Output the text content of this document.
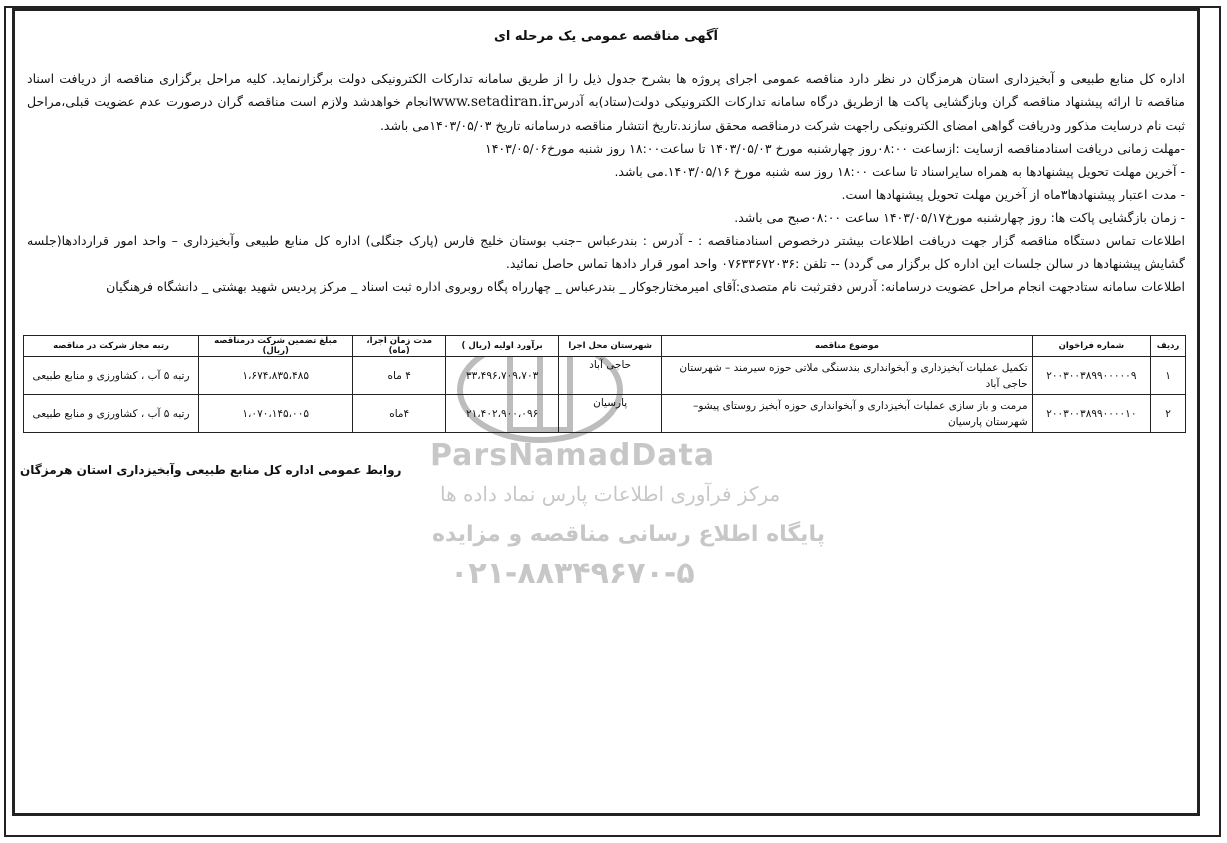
آگهی مناقصه عمومی یک مرحله ای

اداره کل منابع طبیعی و آبخیزداری استان هرمزگان در نظر دارد مناقصه عمومی اجرای پروژه ها بشرح جدول ذیل را از طریق سامانه تدارکات الکترونیکی دولت برگزارنماید. کلیه مراحل برگزاری مناقصه از دریافت اسناد مناقصه تا ارائه پیشنهاد مناقصه گران وبازگشایی پاکت ها ازطریق درگاه سامانه تدارکات الکترونیکی دولت(ستاد)به آدرسwww.setadiran.irانجام خواهدشد ولازم است مناقصه گران درصورت عدم عضویت قبلی،مراحل ثبت نام درسایت مذکور ودریافت گواهی امضای الکترونیکی راجهت شرکت درمناقصه محقق سازند.تاریخ انتشار مناقصه درسامانه تاریخ ۱۴۰۳/۰۵/۰۳می باشد.

-مهلت زمانی دریافت اسنادمناقصه ازسایت :ازساعت ۰۸:۰۰روز چهارشنبه مورخ ۱۴۰۳/۰۵/۰۳ تا ساعت۱۸:۰۰ روز شنبه مورخ۱۴۰۳/۰۵/۰۶

- آخرین مهلت تحویل پیشنهادها به همراه سایراسناد تا ساعت ۱۸:۰۰ روز سه شنبه مورخ ۱۴۰۳/۰۵/۱۶.می باشد.

- مدت اعتبار پیشنهادها۳ماه از آخرین مهلت تحویل پیشنهادها است.

- زمان بازگشایی پاکت ها: روز چهارشنبه مورخ۱۴۰۳/۰۵/۱۷ ساعت ۰۸:۰۰صبح می باشد.

اطلاعات تماس دستگاه مناقصه گزار جهت دریافت اطلاعات بیشتر درخصوص اسنادمناقصه : - آدرس : بندرعباس –جنب بوستان خلیج فارس (پارک جنگلی) اداره کل منابع طبیعی وآبخیزداری – واحد امور قراردادها(جلسه گشایش پیشنهادها در سالن جلسات این اداره کل برگزار می گردد) -- تلفن :۰۷۶۳۳۶۷۲۰۳۶ واحد امور قرار دادها تماس حاصل نمائید.

اطلاعات سامانه ستادجهت انجام مراحل عضویت درسامانه: آدرس دفترثبت نام متصدی:آقای امیرمختارجوکار _ بندرعباس _ چهارراه پگاه روبروی اداره ثبت اسناد _ مرکز پردیس شهید بهشتی _ دانشگاه فرهنگیان

ParsNamadData
مرکز فرآوری اطلاعات پارس نماد داده ها
پایگاه اطلاع رسانی مناقصه و مزایده
۰۲۱-۸۸۳۴۹۶۷۰-۵
ردیف	شماره فراخوان	موضوع مناقصه	شهرستان محل اجرا	برآورد اولیه (ریال )	مدت زمان اجرا، (ماه)	مبلغ تضمین شرکت درمناقصه (ریال)	رتبه مجاز شرکت در مناقصه
۱	۲۰۰۳۰۰۳۸۹۹۰۰۰۰۰۹	تکمیل عملیات آبخیزداری و آبخوانداری بندسنگی ملاتی حوزه سیرمند – شهرستان حاجی آباد	حاجی آباد	۳۳،۴۹۶،۷۰۹،۷۰۳	۴ ماه	۱،۶۷۴،۸۳۵،۴۸۵	رتبه ۵ آب ، کشاورزی و منابع طبیعی
۲	۲۰۰۳۰۰۳۸۹۹۰۰۰۰۱۰	مرمت و باز سازی عملیات آبخیزداری و آبخوانداری حوزه آبخیز روستای پیشو– شهرستان پارسیان	پارسیان	۲۱،۴۰۲،۹۰۰،۰۹۶	۴ماه	۱،۰۷۰،۱۴۵،۰۰۵	رتبه ۵ آب ، کشاورزی و منابع طبیعی
روابط عمومی اداره کل منابع طبیعی وآبخیزداری استان هرمزگان
